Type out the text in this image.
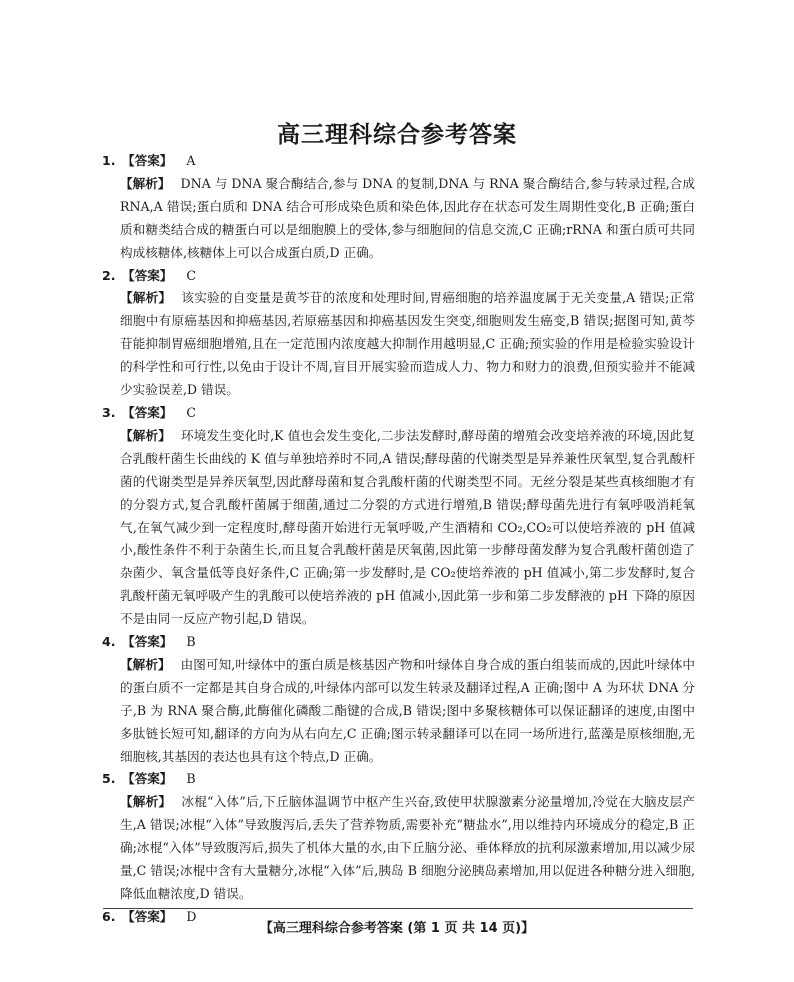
高三理科综合参考答案

1. 【答案】 A

【解析】 DNA 与 DNA 聚合酶结合,参与 DNA 的复制,DNA 与 RNA 聚合酶结合,参与转录过程,合成 RNA,A 错误;蛋白质和 DNA 结合可形成染色质和染色体,因此存在状态可发生周期性变化,B 正确;蛋白质和糖类结合成的糖蛋白可以是细胞膜上的受体,参与细胞间的信息交流,C 正确;rRNA 和蛋白质可共同构成核糖体,核糖体上可以合成蛋白质,D 正确。

2. 【答案】 C

【解析】 该实验的自变量是黄芩苷的浓度和处理时间,胃癌细胞的培养温度属于无关变量,A 错误;正常细胞中有原癌基因和抑癌基因,若原癌基因和抑癌基因发生突变,细胞则发生癌变,B 错误;据图可知,黄芩苷能抑制胃癌细胞增殖,且在一定范围内浓度越大抑制作用越明显,C 正确;预实验的作用是检验实验设计的科学性和可行性,以免由于设计不周,盲目开展实验而造成人力、物力和财力的浪费,但预实验并不能减少实验误差,D 错误。

3. 【答案】 C

【解析】 环境发生变化时,K 值也会发生变化,二步法发酵时,酵母菌的增殖会改变培养液的环境,因此复合乳酸杆菌生长曲线的 K 值与单独培养时不同,A 错误;酵母菌的代谢类型是异养兼性厌氧型,复合乳酸杆菌的代谢类型是异养厌氧型,因此酵母菌和复合乳酸杆菌的代谢类型不同。无丝分裂是某些真核细胞才有的分裂方式,复合乳酸杆菌属于细菌,通过二分裂的方式进行增殖,B 错误;酵母菌先进行有氧呼吸消耗氧气,在氧气减少到一定程度时,酵母菌开始进行无氧呼吸,产生酒精和 CO₂,CO₂可以使培养液的 pH 值减小,酸性条件不利于杂菌生长,而且复合乳酸杆菌是厌氧菌,因此第一步酵母菌发酵为复合乳酸杆菌创造了杂菌少、氧含量低等良好条件,C 正确;第一步发酵时,是 CO₂使培养液的 pH 值减小,第二步发酵时,复合乳酸杆菌无氧呼吸产生的乳酸可以使培养液的 pH 值减小,因此第一步和第二步发酵液的 pH 下降的原因不是由同一反应产物引起,D 错误。

4. 【答案】 B

【解析】 由图可知,叶绿体中的蛋白质是核基因产物和叶绿体自身合成的蛋白组装而成的,因此叶绿体中的蛋白质不一定都是其自身合成的,叶绿体内部可以发生转录及翻译过程,A 正确;图中 A 为环状 DNA 分子,B 为 RNA 聚合酶,此酶催化磷酸二酯键的合成,B 错误;图中多聚核糖体可以保证翻译的速度,由图中多肽链长短可知,翻译的方向为从右向左,C 正确;图示转录翻译可以在同一场所进行,蓝藻是原核细胞,无细胞核,其基因的表达也具有这个特点,D 正确。

5. 【答案】 B

【解析】 冰棍“入体”后,下丘脑体温调节中枢产生兴奋,致使甲状腺激素分泌量增加,冷觉在大脑皮层产生,A 错误;冰棍“入体”导致腹泻后,丢失了营养物质,需要补充“糖盐水”,用以维持内环境成分的稳定,B 正确;冰棍“入体”导致腹泻后,损失了机体大量的水,由下丘脑分泌、垂体释放的抗利尿激素增加,用以减少尿量,C 错误;冰棍中含有大量糖分,冰棍“入体”后,胰岛 B 细胞分泌胰岛素增加,用以促进各种糖分进入细胞,降低血糖浓度,D 错误。

6. 【答案】 D

【高三理科综合参考答案 (第 1 页 共 14 页)】
